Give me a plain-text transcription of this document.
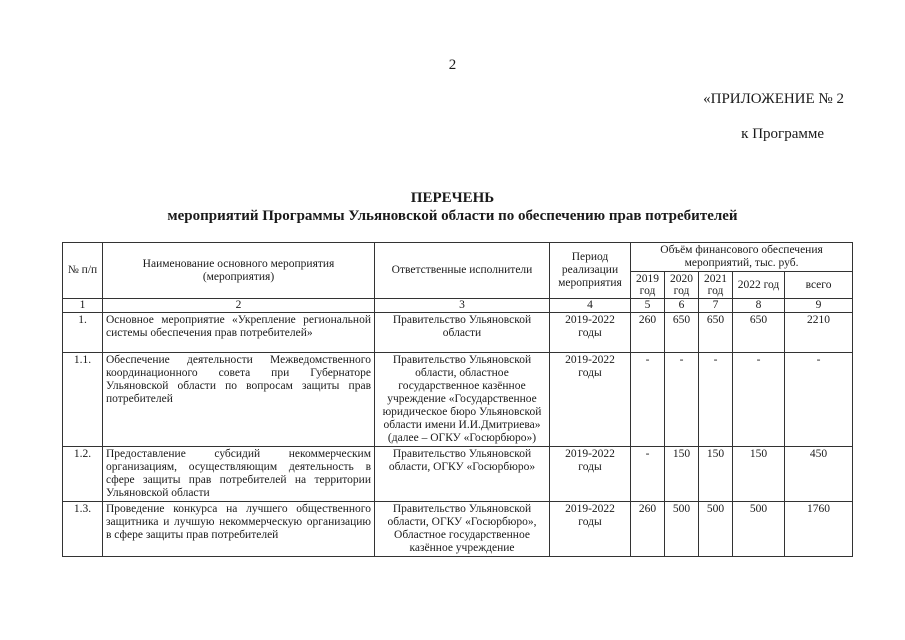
2
«ПРИЛОЖЕНИЕ № 2
к Программе
ПЕРЕЧЕНЬ
мероприятий Программы Ульяновской области по обеспечению прав потребителей
№ п/п	Наименование основного мероприятия (мероприятия)	Ответственные исполнители	Период реализации мероприятия	Объём финансового обеспечения мероприятий, тыс. руб.				
				2019 год	2020 год	2021 год	2022 год	всего
1	2	3	4	5	6	7	8	9
1.	Основное мероприятие «Укрепление региональной системы обеспечения прав потребителей»	Правительство Ульяновской области	2019-2022 годы	260	650	650	650	2210
1.1.	Обеспечение деятельности Межведомственного координационного совета при Губернаторе Ульяновской области по вопросам защиты прав потребителей	Правительство Ульяновской области, областное государственное казённое учреждение «Государственное юридическое бюро Ульяновской области имени И.И.Дмитриева» (далее – ОГКУ «Госюрбюро»)	2019-2022 годы	-	-	-	-	-
1.2.	Предоставление субсидий некоммерческим организациям, осуществляющим деятельность в сфере защиты прав потребителей на территории Ульяновской области	Правительство Ульяновской области, ОГКУ «Госюрбюро»	2019-2022 годы	-	150	150	150	450
1.3.	Проведение конкурса на лучшего общественного защитника и лучшую некоммерческую организацию в сфере защиты прав потребителей	Правительство Ульяновской области, ОГКУ «Госюрбюро», Областное государственное казённое учреждение	2019-2022 годы	260	500	500	500	1760
